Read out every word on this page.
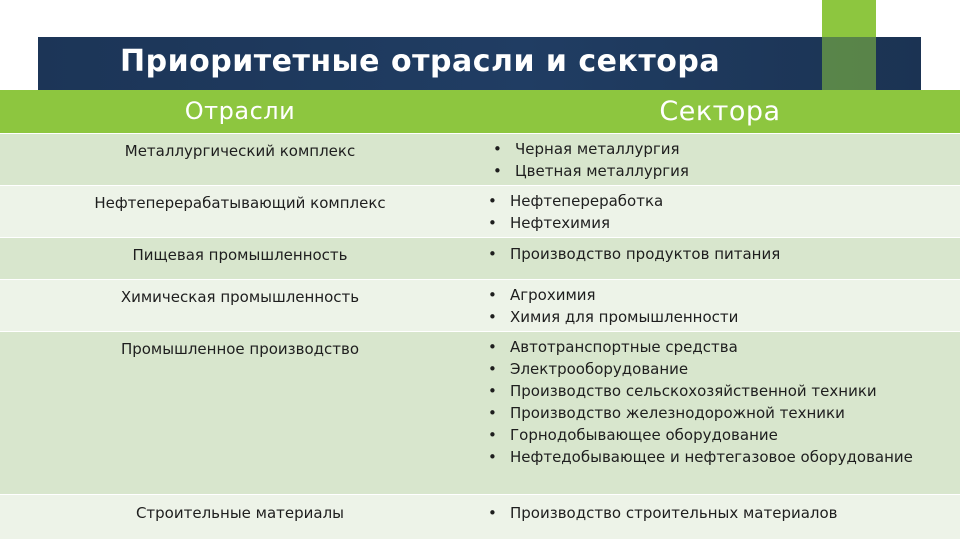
Приоритетные отрасли и сектора
Отрасли	Сектора
Металлургический комплекс	• Черная металлургия
• Цветная металлургия
Нефтеперерабатывающий комплекс	• Нефтепереработка
• Нефтехимия
Пищевая промышленность	• Производство продуктов питания
Химическая промышленность	• Агрохимия
• Химия для промышленности
Промышленное производство	• Автотранспортные средства
• Электрооборудование
• Производство сельскохозяйственной техники
• Производство железнодорожной техники
• Горнодобывающее оборудование
• Нефтедобывающее и нефтегазовое оборудование
Строительные материалы	• Производство строительных материалов
